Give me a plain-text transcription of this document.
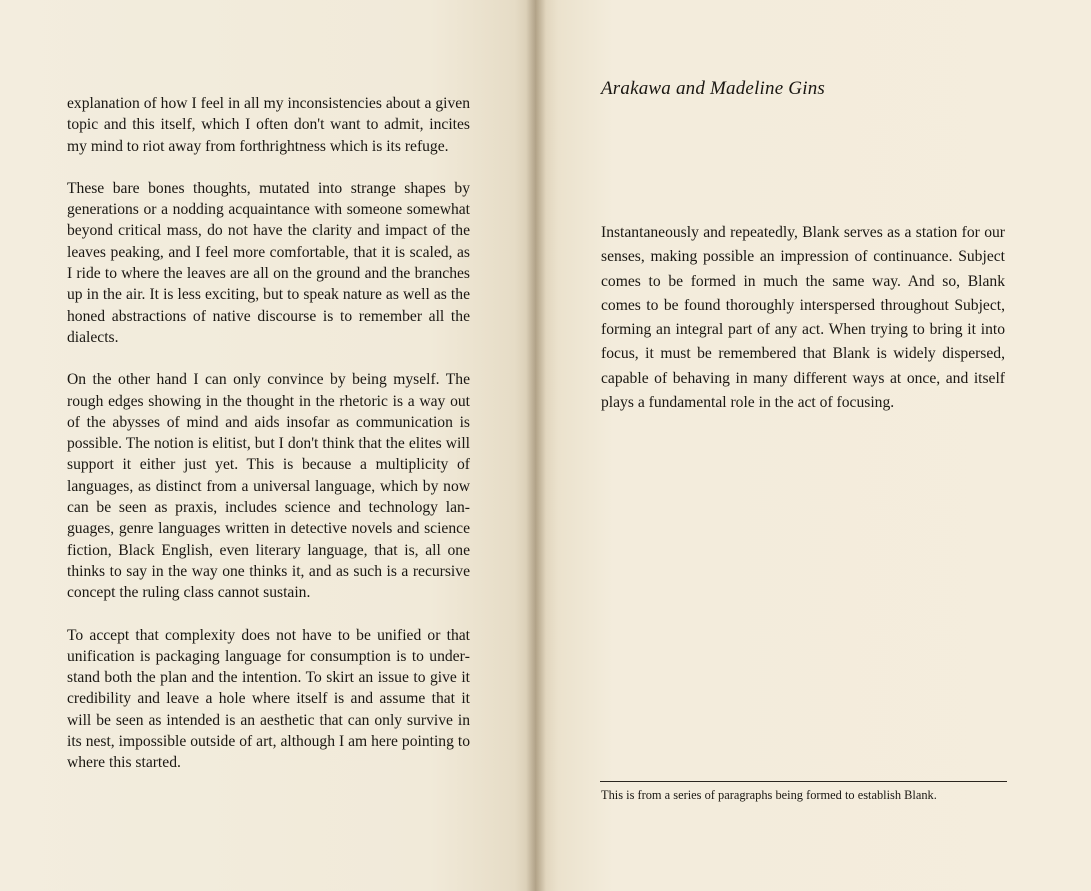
explanation of how I feel in all my inconsistencies about a given topic and this itself, which I often don't want to admit, incites my mind to riot away from forthrightness which is its refuge.

These bare bones thoughts, mutated into strange shapes by generations or a nodding acquaintance with someone somewhat beyond critical mass, do not have the clarity and impact of the leaves peaking, and I feel more comfortable, that it is scaled, as I ride to where the leaves are all on the ground and the branches up in the air. It is less exciting, but to speak nature as well as the honed abstractions of native discourse is to remember all the dialects.

On the other hand I can only convince by being myself. The rough edges showing in the thought in the rhetoric is a way out of the abysses of mind and aids insofar as communication is possible. The notion is elitist, but I don't think that the elites will support it either just yet. This is because a multiplicity of languages, as distinct from a universal language, which by now can be seen as praxis, includes science and technology languages, genre languages written in detective novels and science fiction, Black English, even literary language, that is, all one thinks to say in the way one thinks it, and as such is a recursive concept the ruling class cannot sustain.

To accept that complexity does not have to be unified or that unification is packaging language for consumption is to understand both the plan and the intention. To skirt an issue to give it credibility and leave a hole where itself is and assume that it will be seen as intended is an aesthetic that can only survive in its nest, impossible outside of art, although I am here pointing to where this started.

Arakawa and Madeline Gins

Instantaneously and repeatedly, Blank serves as a station for our senses, making possible an impression of continuance. Subject comes to be formed in much the same way. And so, Blank comes to be found thoroughly interspersed throughout Subject, forming an integral part of any act. When trying to bring it into focus, it must be remembered that Blank is widely dispersed, capable of behaving in many different ways at once, and itself plays a fundamental role in the act of focusing.

This is from a series of paragraphs being formed to establish Blank.
